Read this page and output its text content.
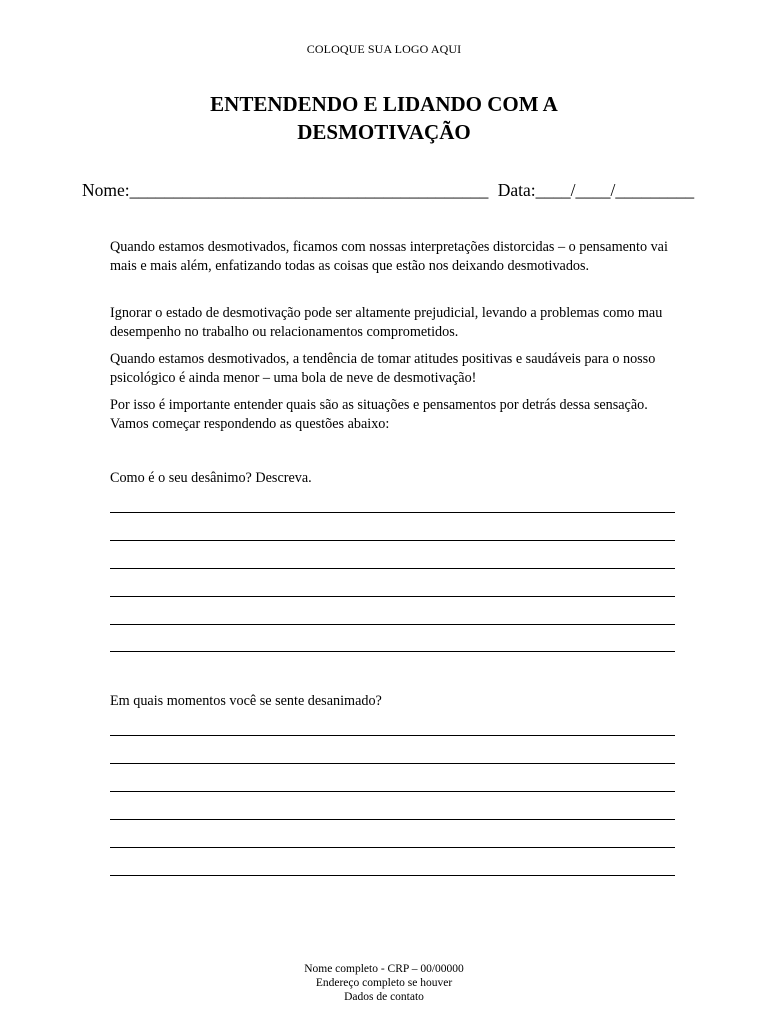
COLOQUE SUA LOGO AQUI
ENTENDENDO E LIDANDO COM A
DESMOTIVAÇÃO
Nome:_________________________________________ Data:____/____/_________

Quando estamos desmotivados, ficamos com nossas interpretações distorcidas – o pensamento vai mais e mais além, enfatizando todas as coisas que estão nos deixando desmotivados.

Ignorar o estado de desmotivação pode ser altamente prejudicial, levando a problemas como mau desempenho no trabalho ou relacionamentos comprometidos.

Quando estamos desmotivados, a tendência de tomar atitudes positivas e saudáveis para o nosso psicológico é ainda menor – uma bola de neve de desmotivação!

Por isso é importante entender quais são as situações e pensamentos por detrás dessa sensação. Vamos começar respondendo as questões abaixo:

Como é o seu desânimo? Descreva.

Em quais momentos você se sente desanimado?

Nome completo - CRP – 00/00000
Endereço completo se houver
Dados de contato
